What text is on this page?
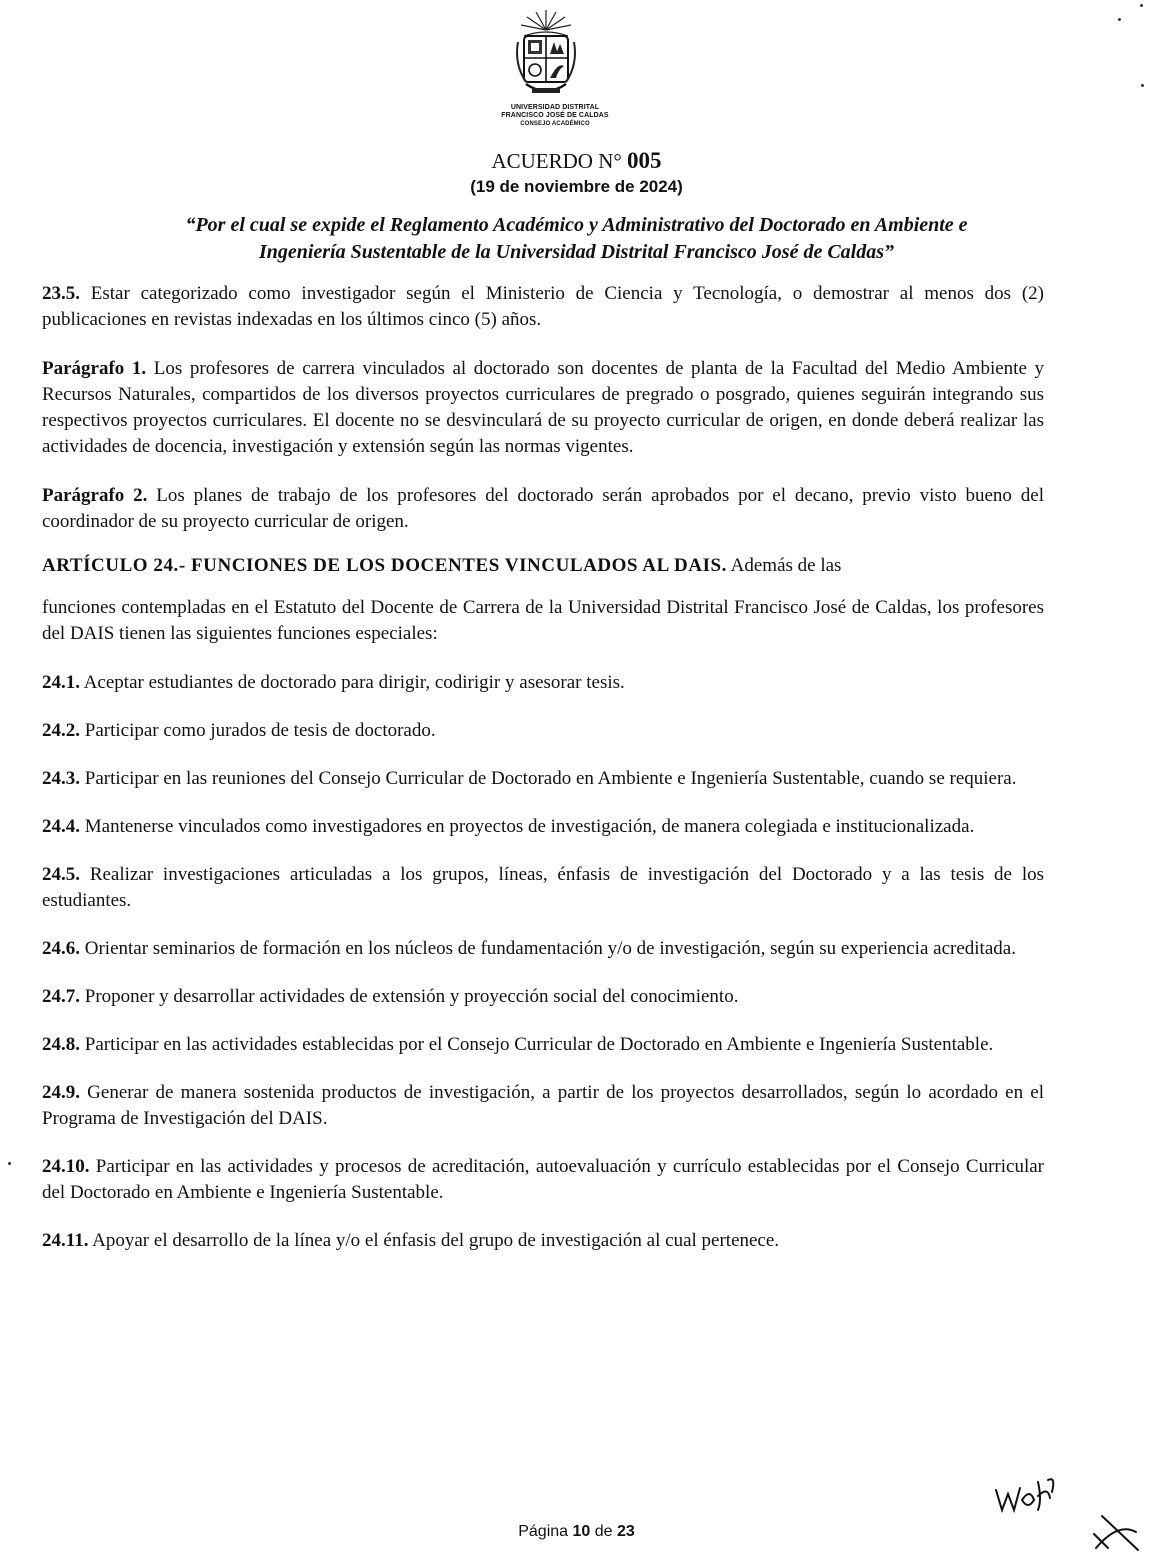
UNIVERSIDAD DISTRITAL
FRANCISCO JOSÉ DE CALDAS
CONSEJO ACADÉMICO
ACUERDO N° 005
(19 de noviembre de 2024)
“Por el cual se expide el Reglamento Académico y Administrativo del Doctorado en Ambiente e
Ingeniería Sustentable de la Universidad Distrital Francisco José de Caldas”

23.5. Estar categorizado como investigador según el Ministerio de Ciencia y Tecnología, o demostrar al menos dos (2) publicaciones en revistas indexadas en los últimos cinco (5) años.

Parágrafo 1. Los profesores de carrera vinculados al doctorado son docentes de planta de la Facultad del Medio Ambiente y Recursos Naturales, compartidos de los diversos proyectos curriculares de pregrado o posgrado, quienes seguirán integrando sus respectivos proyectos curriculares. El docente no se desvinculará de su proyecto curricular de origen, en donde deberá realizar las actividades de docencia, investigación y extensión según las normas vigentes.

Parágrafo 2. Los planes de trabajo de los profesores del doctorado serán aprobados por el decano, previo visto bueno del coordinador de su proyecto curricular de origen.

ARTÍCULO 24.- FUNCIONES DE LOS DOCENTES VINCULADOS AL DAIS. Además de las

funciones contempladas en el Estatuto del Docente de Carrera de la Universidad Distrital Francisco José de Caldas, los profesores del DAIS tienen las siguientes funciones especiales:

24.1. Aceptar estudiantes de doctorado para dirigir, codirigir y asesorar tesis.

24.2. Participar como jurados de tesis de doctorado.

24.3. Participar en las reuniones del Consejo Curricular de Doctorado en Ambiente e Ingeniería Sustentable, cuando se requiera.

24.4. Mantenerse vinculados como investigadores en proyectos de investigación, de manera colegiada e institucionalizada.

24.5. Realizar investigaciones articuladas a los grupos, líneas, énfasis de investigación del Doctorado y a las tesis de los estudiantes.

24.6. Orientar seminarios de formación en los núcleos de fundamentación y/o de investigación, según su experiencia acreditada.

24.7. Proponer y desarrollar actividades de extensión y proyección social del conocimiento.

24.8. Participar en las actividades establecidas por el Consejo Curricular de Doctorado en Ambiente e Ingeniería Sustentable.

24.9. Generar de manera sostenida productos de investigación, a partir de los proyectos desarrollados, según lo acordado en el Programa de Investigación del DAIS.

24.10. Participar en las actividades y procesos de acreditación, autoevaluación y currículo establecidas por el Consejo Curricular del Doctorado en Ambiente e Ingeniería Sustentable.

24.11. Apoyar el desarrollo de la línea y/o el énfasis del grupo de investigación al cual pertenece.

Página 10 de 23
